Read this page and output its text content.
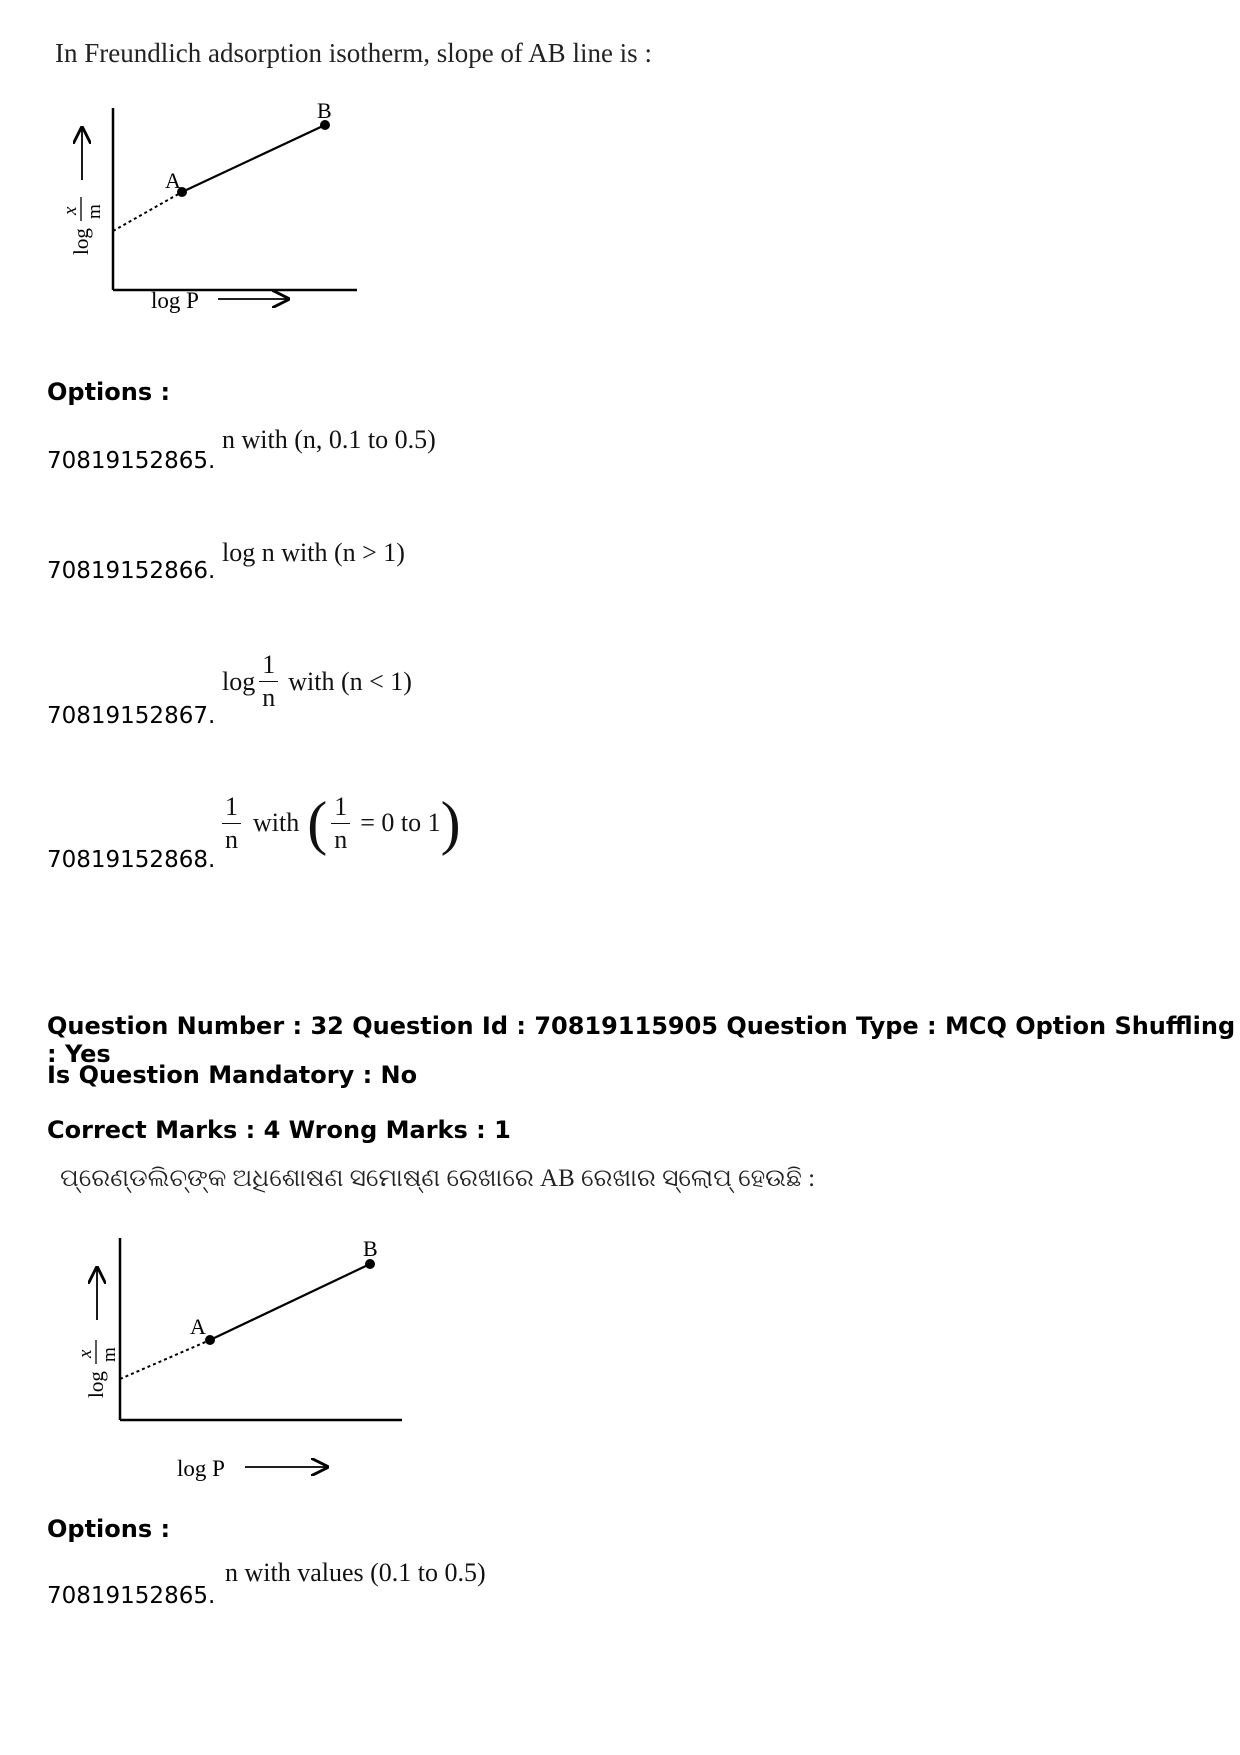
In Freundlich adsorption isotherm, slope of AB line is :
A
B
log
x m
log P
Options :
70819152865.
n with (n, 0.1 to 0.5)
70819152866.
log n with (n > 1)
70819152867.
$\log \frac{1}{n}$ with (n < 1)
70819152868.
$\frac{1}{n}$ with ( $\frac{1}{n} = 0$ to 1 )
Question Number : 32 Question Id : 70819115905 Question Type : MCQ Option Shuffling : Yes
Is Question Mandatory : No
Correct Marks : 4 Wrong Marks : 1
ପ୍ରେଣ୍ଡଲିଚ୍‌ଙ୍କ ଅଧିଶୋଷଣ ସମୋଷ୍ଣ ରେଖାରେ AB ରେଖାର ସ୍ଲୋପ୍ ହେଉଛି :
A
B
log
x m
log P
Options :
70819152865.
n with values (0.1 to 0.5)
